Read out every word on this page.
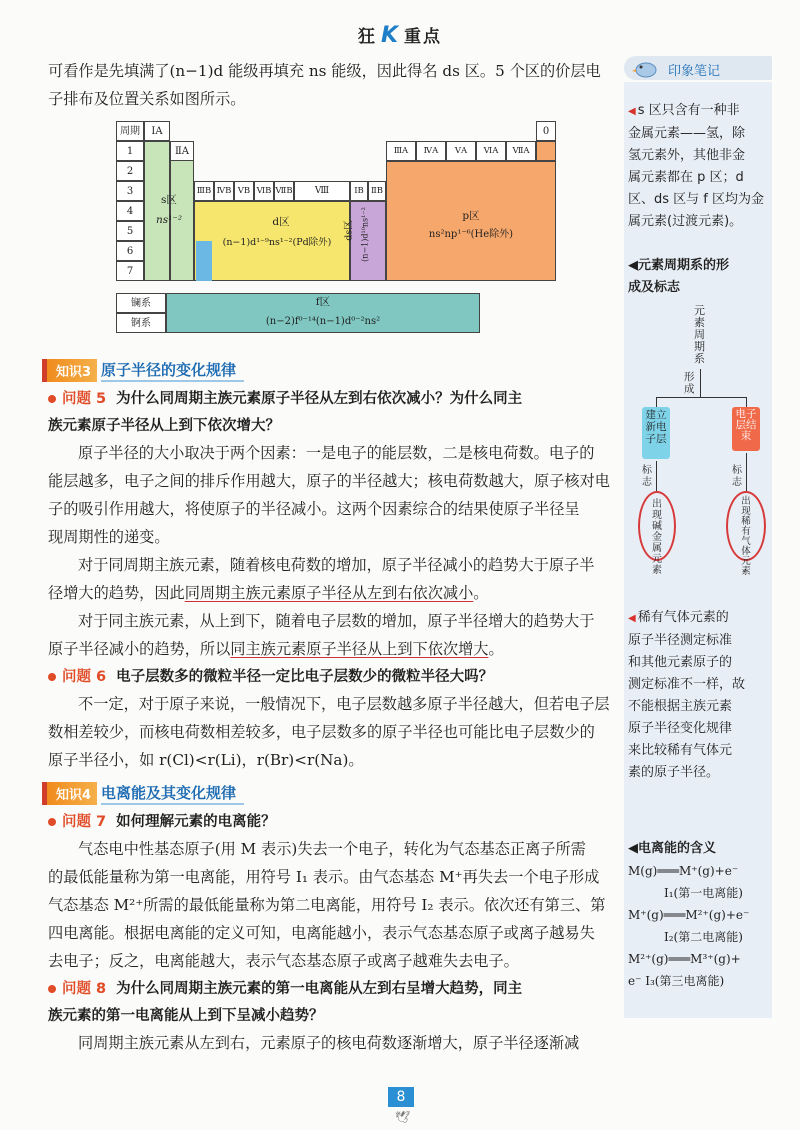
狂 K 重点

可看作是先填满了(n−1)d 能级再填充 ns 能级，因此得名 ds 区。5 个区的价层电

子排布及位置关系如图所示。

周期	ⅠA	0
1
2
3
4
5
6
7
ⅡA
s区
ns¹⁻²
ⅢB ⅣB ⅤB ⅥB ⅦB	Ⅷ
d区
(n−1)d¹⁻⁹ns¹⁻²(Pd除外)
ⅠB ⅡB
ds区 (n−1)d¹⁰ns¹⁻²
ⅢA	ⅣA	ⅤA	ⅥA	ⅦA
p区
ns²np¹⁻⁶(He除外)
镧系
锕系
f区
(n−2)f⁰⁻¹⁴(n−1)d⁰⁻²ns²
知识3 原子半径的变化规律
问题 5 为什么同周期主族元素原子半径从左到右依次减小？为什么同主
族元素原子半径从上到下依次增大？

原子半径的大小取决于两个因素：一是电子的能层数，二是核电荷数。电子的

能层越多，电子之间的排斥作用越大，原子的半径越大；核电荷数越大，原子核对电

子的吸引作用越大，将使原子的半径减小。这两个因素综合的结果使原子半径呈

现周期性的递变。

对于同周期主族元素，随着核电荷数的增加，原子半径减小的趋势大于原子半

径增大的趋势，因此同周期主族元素原子半径从左到右依次减小。

对于同主族元素，从上到下，随着电子层数的增加，原子半径增大的趋势大于

原子半径减小的趋势，所以同主族元素原子半径从上到下依次增大。

问题 6 电子层数多的微粒半径一定比电子层数少的微粒半径大吗？

不一定，对于原子来说，一般情况下，电子层数越多原子半径越大，但若电子层

数相差较少，而核电荷数相差较多，电子层数多的原子半径也可能比电子层数少的

原子半径小，如 r(Cl)<r(Li)，r(Br)<r(Na)。

知识4 电离能及其变化规律
问题 7 如何理解元素的电离能？

气态电中性基态原子(用 M 表示)失去一个电子，转化为气态基态正离子所需

的最低能量称为第一电离能，用符号 I₁ 表示。由气态基态 M⁺再失去一个电子形成

气态基态 M²⁺所需的最低能量称为第二电离能，用符号 I₂ 表示。依次还有第三、第

四电离能。根据电离能的定义可知，电离能越小，表示气态基态原子或离子越易失

去电子；反之，电离能越大，表示气态基态原子或离子越难失去电子。

问题 8 为什么同周期主族元素的第一电离能从左到右呈增大趋势，同主
族元素的第一电离能从上到下呈减小趋势？

同周期主族元素从左到右，元素原子的核电荷数逐渐增大，原子半径逐渐减

印象笔记
◀ s 区只含有一种非
金属元素——氢，除
氢元素外，其他非金
属元素都在 p 区；d
区、ds 区与 f 区均为金
属元素(过渡元素)。
◀元素周期系的形
成及标志
元素周期系
形成
建立新电子层
电子层结束
标志
标志
出现碱金属元素
出现稀有气体元素
◀ 稀有气体元素的
原子半径测定标准
和其他元素原子的
测定标准不一样，故
不能根据主族元素
原子半径变化规律
来比较稀有气体元
素的原子半径。
◀电离能的含义
M(g)═══M⁺(g)+e⁻
I₁(第一电离能)
M⁺(g)═══M²⁺(g)+e⁻
I₂(第二电离能)
M²⁺(g)═══M³⁺(g)+
e⁻ I₃(第三电离能)
8
🕊
